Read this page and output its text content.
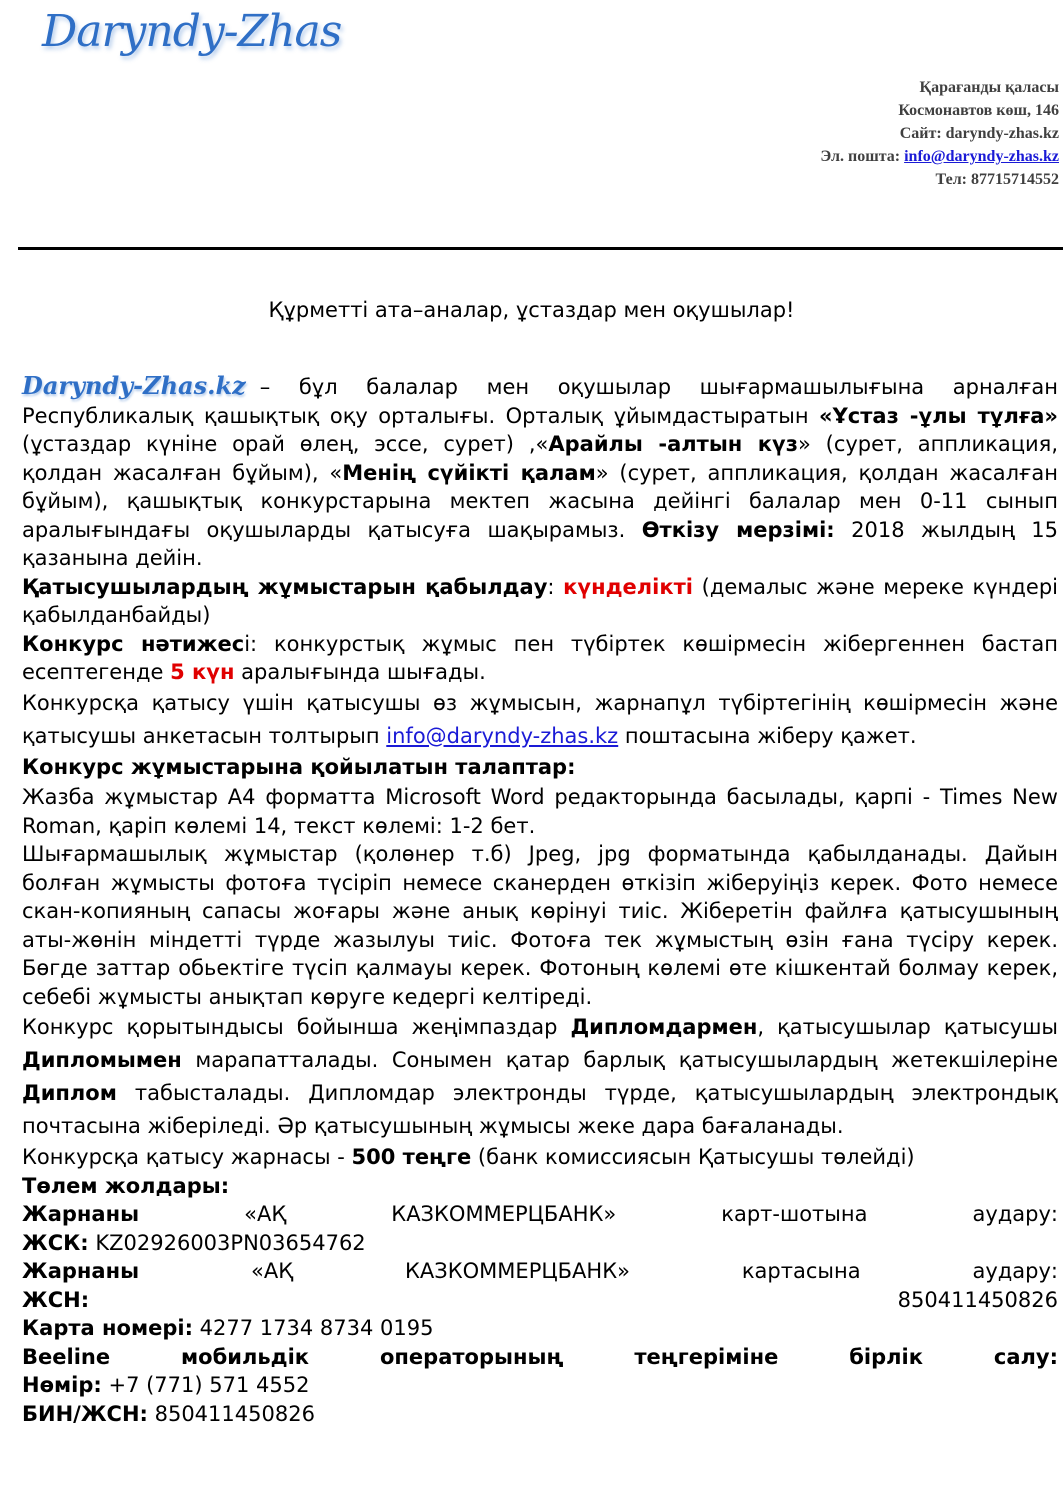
Daryndy-Zhas
Қарағанды қаласы
Космонавтов көш, 146
Сайт: daryndy-zhas.kz
Эл. пошта: info@daryndy-zhas.kz
Тел: 87715714552
Құрметті ата–аналар, ұстаздар мен оқушылар!

Daryndy-Zhas.kz – бұл балалар мен оқушылар шығармашылығына арналған Республикалық қашықтық оқу орталығы. Орталық ұйымдастыратын «Ұстаз -ұлы тұлға» (ұстаздар күніне орай өлең, эссе, сурет) ,«Арайлы -алтын күз» (сурет, аппликация, қолдан жасалған бұйым), «Менің сүйікті қалам» (сурет, аппликация, қолдан жасалған бұйым), қашықтық конкурстарына мектеп жасына дейінгі балалар мен 0-11 сынып аралығындағы оқушыларды қатысуға шақырамыз. Өткізу мерзімі: 2018 жылдың 15 қазанына дейін.

Қатысушылардың жұмыстарын қабылдау: күнделікті (демалыс және мереке күндері қабылданбайды)

Конкурс нәтижесі: конкурстық жұмыс пен түбіртек көшірмесін жібергеннен бастап есептегенде 5 күн аралығында шығады.

Конкурсқа қатысу үшін қатысушы өз жұмысын, жарнапұл түбіртегінің көшірмесін және қатысушы анкетасын толтырып info@daryndy-zhas.kz поштасына жіберу қажет.

Конкурс жұмыстарына қойылатын талаптар:

Жазба жұмыстар А4 форматта Microsoft Word редакторында басылады, қарпі - Times New Roman, қаріп көлемі 14, текст көлемі: 1-2 бет.

Шығармашылық жұмыстар (қолөнер т.б) Jpeg, jpg форматында қабылданады. Дайын болған жұмысты фотоға түсіріп немесе сканерден өткізіп жіберуіңіз керек. Фото немесе скан-копияның сапасы жоғары және анық көрінуі тиіс. Жіберетін файлға қатысушының аты-жөнін міндетті түрде жазылуы тиіс. Фотоға тек жұмыстың өзін ғана түсіру керек. Бөгде заттар обьектіге түсіп қалмауы керек. Фотоның көлемі өте кішкентай болмау керек, себебі жұмысты анықтап көруге кедергі келтіреді.

Конкурс қорытындысы бойынша жеңімпаздар Дипломдармен, қатысушылар қатысушы Дипломымен марапатталады. Сонымен қатар барлық қатысушылардың жетекшілеріне Диплом табысталады. Дипломдар электронды түрде, қатысушылардың электрондық почтасына жіберіледі. Әр қатысушының жұмысы жеке дара бағаланады.

Конкурсқа қатысу жарнасы - 500 теңге (банк комиссиясын Қатысушы төлейді)

Төлем жолдары:

Жарнаны «АҚ КАЗКОММЕРЦБАНК» карт-шотына аудару:

ЖСК: KZ02926003PN03654762

Жарнаны «АҚ КАЗКОММЕРЦБАНК» картасына аудару:

ЖСН:	850411450826

Карта номері: 4277 1734 8734 0195

Beeline мобильдік операторының теңгеріміне бірлік салу:

Нөмір: +7 (771) 571 4552

БИН/ЖСН: 850411450826
